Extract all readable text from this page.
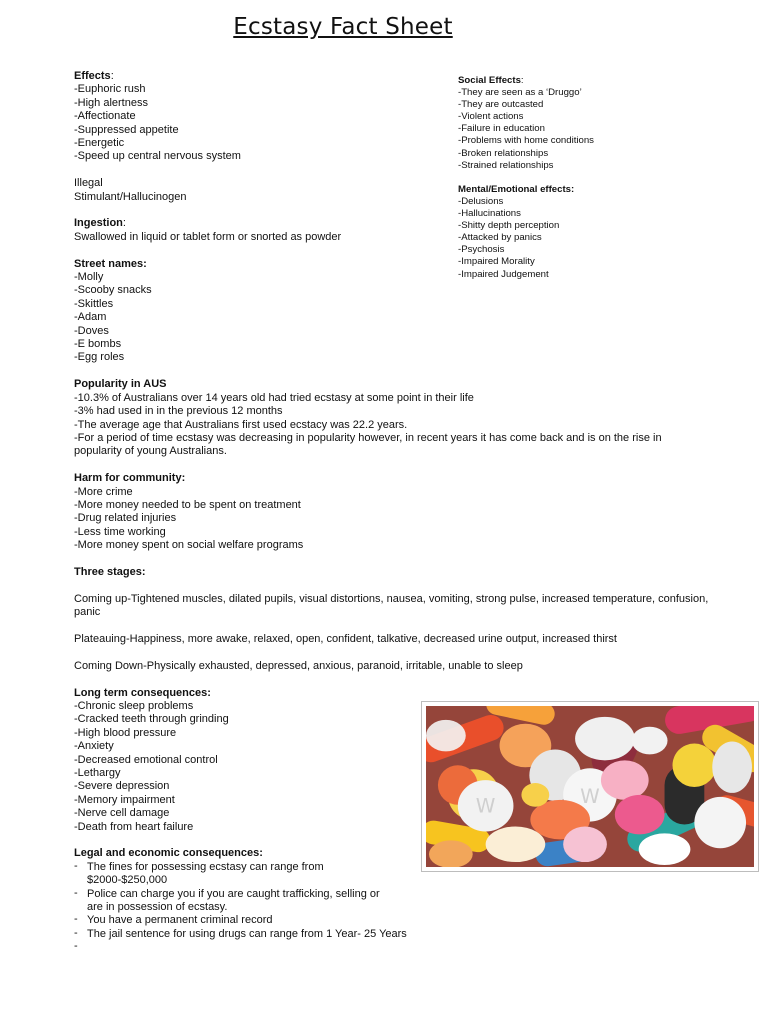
Ecstasy Fact Sheet
Effects:
-Euphoric rush
-High alertness
-Affectionate
-Suppressed appetite
-Energetic
-Speed up central nervous system
Illegal
Stimulant/Hallucinogen
Ingestion:
Swallowed in liquid or tablet form or snorted as powder
Street names:
-Molly
-Scooby snacks
-Skittles
-Adam
-Doves
-E bombs
-Egg roles
Popularity in AUS
-10.3% of Australians over 14 years old had tried ecstasy at some point in their life
-3% had used in in the previous 12 months
-The average age that Australians first used ecstacy was 22.2 years.
-For a period of time ecstasy was decreasing in popularity however, in recent years it has come back and is on the rise in popularity of young Australians.
Harm for community:
-More crime
-More money needed to be spent on treatment
-Drug related injuries
-Less time working
-More money spent on social welfare programs
Three stages:
Coming up-Tightened muscles, dilated pupils, visual distortions, nausea, vomiting, strong pulse, increased temperature, confusion, panic
Plateauing-Happiness, more awake, relaxed, open, confident, talkative, decreased urine output, increased thirst
Coming Down-Physically exhausted, depressed, anxious, paranoid, irritable, unable to sleep
Long term consequences:
-Chronic sleep problems
-Cracked teeth through grinding
-High blood pressure
-Anxiety
-Decreased emotional control
-Lethargy
-Severe depression
-Memory impairment
-Nerve cell damage
-Death from heart failure
Legal and economic consequences:
- The fines for possessing ecstasy can range from $2000-$250,000
- Police can charge you if you are caught trafficking, selling or are in possession of ecstasy.
- You have a permanent criminal record
- The jail sentence for using drugs can range from 1 Year- 25 Years
-
Social Effects:
-They are seen as a ‘Druggo’
-They are outcasted
-Violent actions
-Failure in education
-Problems with home conditions
-Broken relationships
-Strained relationships
Mental/Emotional effects:
-Delusions
-Hallucinations
-Shitty depth perception
-Attacked by panics
-Psychosis
-Impaired Morality
-Impaired Judgement
W	W
